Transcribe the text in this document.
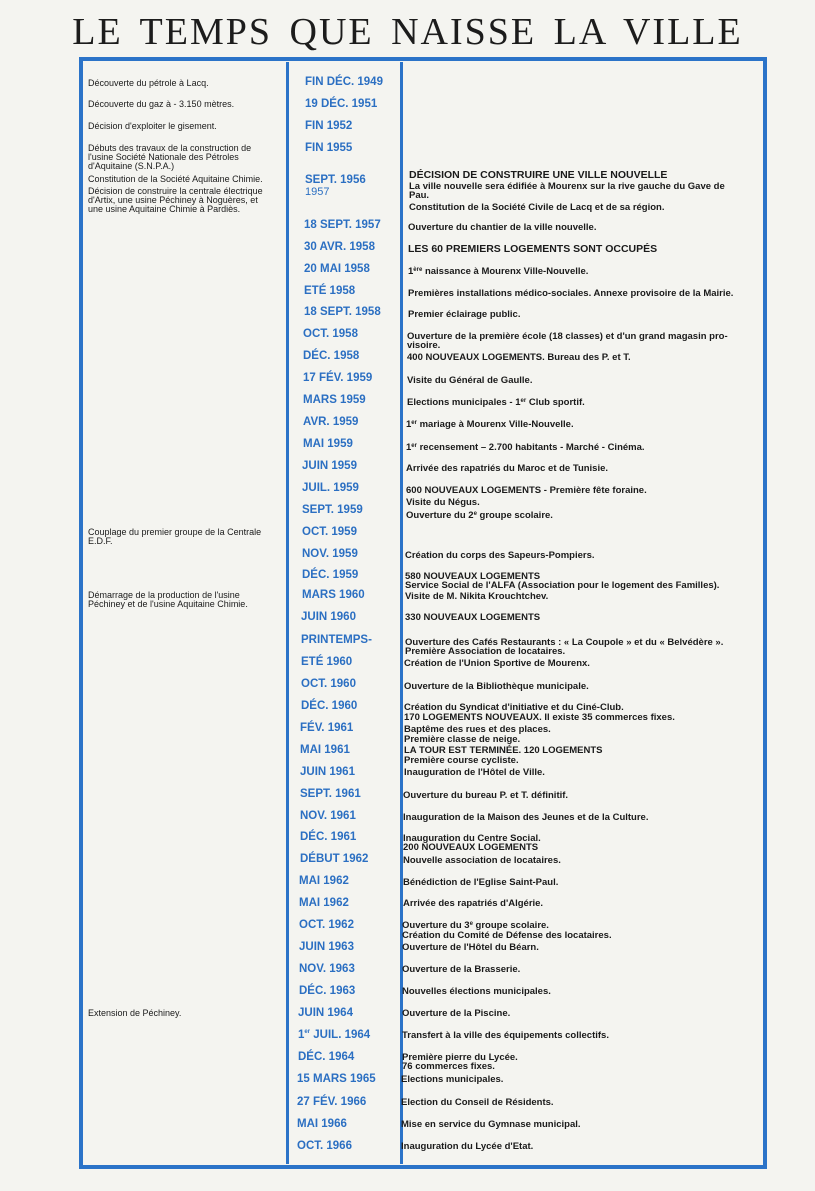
LE TEMPS QUE NAISSE LA VILLE
Découverte du pétrole à Lacq.
Découverte du gaz à - 3.150 mètres.
Décision d'exploiter le gisement.
Débuts des travaux de la construction de
l'usine Société Nationale des Pétroles
d'Aquitaine (S.N.P.A.)
Constitution de la Société Aquitaine Chimie.
Décision de construire la centrale électrique
d'Artix, une usine Péchiney à Noguères, et
une usine Aquitaine Chimie à Pardiès.
Couplage du premier groupe de la Centrale
E.D.F.
Démarrage de la production de l'usine
Péchiney et de l'usine Aquitaine Chimie.
Extension de Péchiney.
FIN DÉC. 1949
19 DÉC. 1951
FIN 1952
FIN 1955
SEPT. 1956
1957
18 SEPT. 1957
30 AVR. 1958
20 MAI 1958
ETÉ 1958
18 SEPT. 1958
OCT. 1958
DÉC. 1958
17 FÉV. 1959
MARS 1959
AVR. 1959
MAI 1959
JUIN 1959
JUIL. 1959
SEPT. 1959
OCT. 1959
NOV. 1959
DÉC. 1959
MARS 1960
JUIN 1960
PRINTEMPS-
ETÉ 1960
OCT. 1960
DÉC. 1960
FÉV. 1961
MAI 1961
JUIN 1961
SEPT. 1961
NOV. 1961
DÉC. 1961
DÉBUT 1962
MAI 1962
MAI 1962
OCT. 1962
JUIN 1963
NOV. 1963
DÉC. 1963
JUIN 1964
1er JUIL. 1964
DÉC. 1964
15 MARS 1965
27 FÉV. 1966
MAI 1966
OCT. 1966
DÉCISION DE CONSTRUIRE UNE VILLE NOUVELLE
La ville nouvelle sera édifiée à Mourenx sur la rive gauche du Gave de
Pau.
Constitution de la Société Civile de Lacq et de sa région.
Ouverture du chantier de la ville nouvelle.
LES 60 PREMIERS LOGEMENTS SONT OCCUPÉS
1ère naissance à Mourenx Ville-Nouvelle.
Premières installations médico-sociales. Annexe provisoire de la Mairie.
Premier éclairage public.
Ouverture de la première école (18 classes) et d'un grand magasin pro-
visoire.
400 NOUVEAUX LOGEMENTS. Bureau des P. et T.
Visite du Général de Gaulle.
Elections municipales - 1er Club sportif.
1er mariage à Mourenx Ville-Nouvelle.
1er recensement – 2.700 habitants - Marché - Cinéma.
Arrivée des rapatriés du Maroc et de Tunisie.
600 NOUVEAUX LOGEMENTS - Première fête foraine.
Visite du Négus.
Ouverture du 2e groupe scolaire.
Création du corps des Sapeurs-Pompiers.
580 NOUVEAUX LOGEMENTS
Service Social de l'ALFA (Association pour le logement des Familles).
Visite de M. Nikita Krouchtchev.
330 NOUVEAUX LOGEMENTS
Ouverture des Cafés Restaurants : « La Coupole » et du « Belvédère ».
Première Association de locataires.
Création de l'Union Sportive de Mourenx.
Ouverture de la Bibliothèque municipale.
Création du Syndicat d'initiative et du Ciné-Club.
170 LOGEMENTS NOUVEAUX. Il existe 35 commerces fixes.
Baptême des rues et des places.
Première classe de neige.
LA TOUR EST TERMINÉE. 120 LOGEMENTS
Première course cycliste.
Inauguration de l'Hôtel de Ville.
Ouverture du bureau P. et T. définitif.
Inauguration de la Maison des Jeunes et de la Culture.
Inauguration du Centre Social.
200 NOUVEAUX LOGEMENTS
Nouvelle association de locataires.
Bénédiction de l'Eglise Saint-Paul.
Arrivée des rapatriés d'Algérie.
Ouverture du 3e groupe scolaire.
Création du Comité de Défense des locataires.
Ouverture de l'Hôtel du Béarn.
Ouverture de la Brasserie.
Nouvelles élections municipales.
Ouverture de la Piscine.
Transfert à la ville des équipements collectifs.
Première pierre du Lycée.
76 commerces fixes.
Elections municipales.
Election du Conseil de Résidents.
Mise en service du Gymnase municipal.
Inauguration du Lycée d'Etat.
